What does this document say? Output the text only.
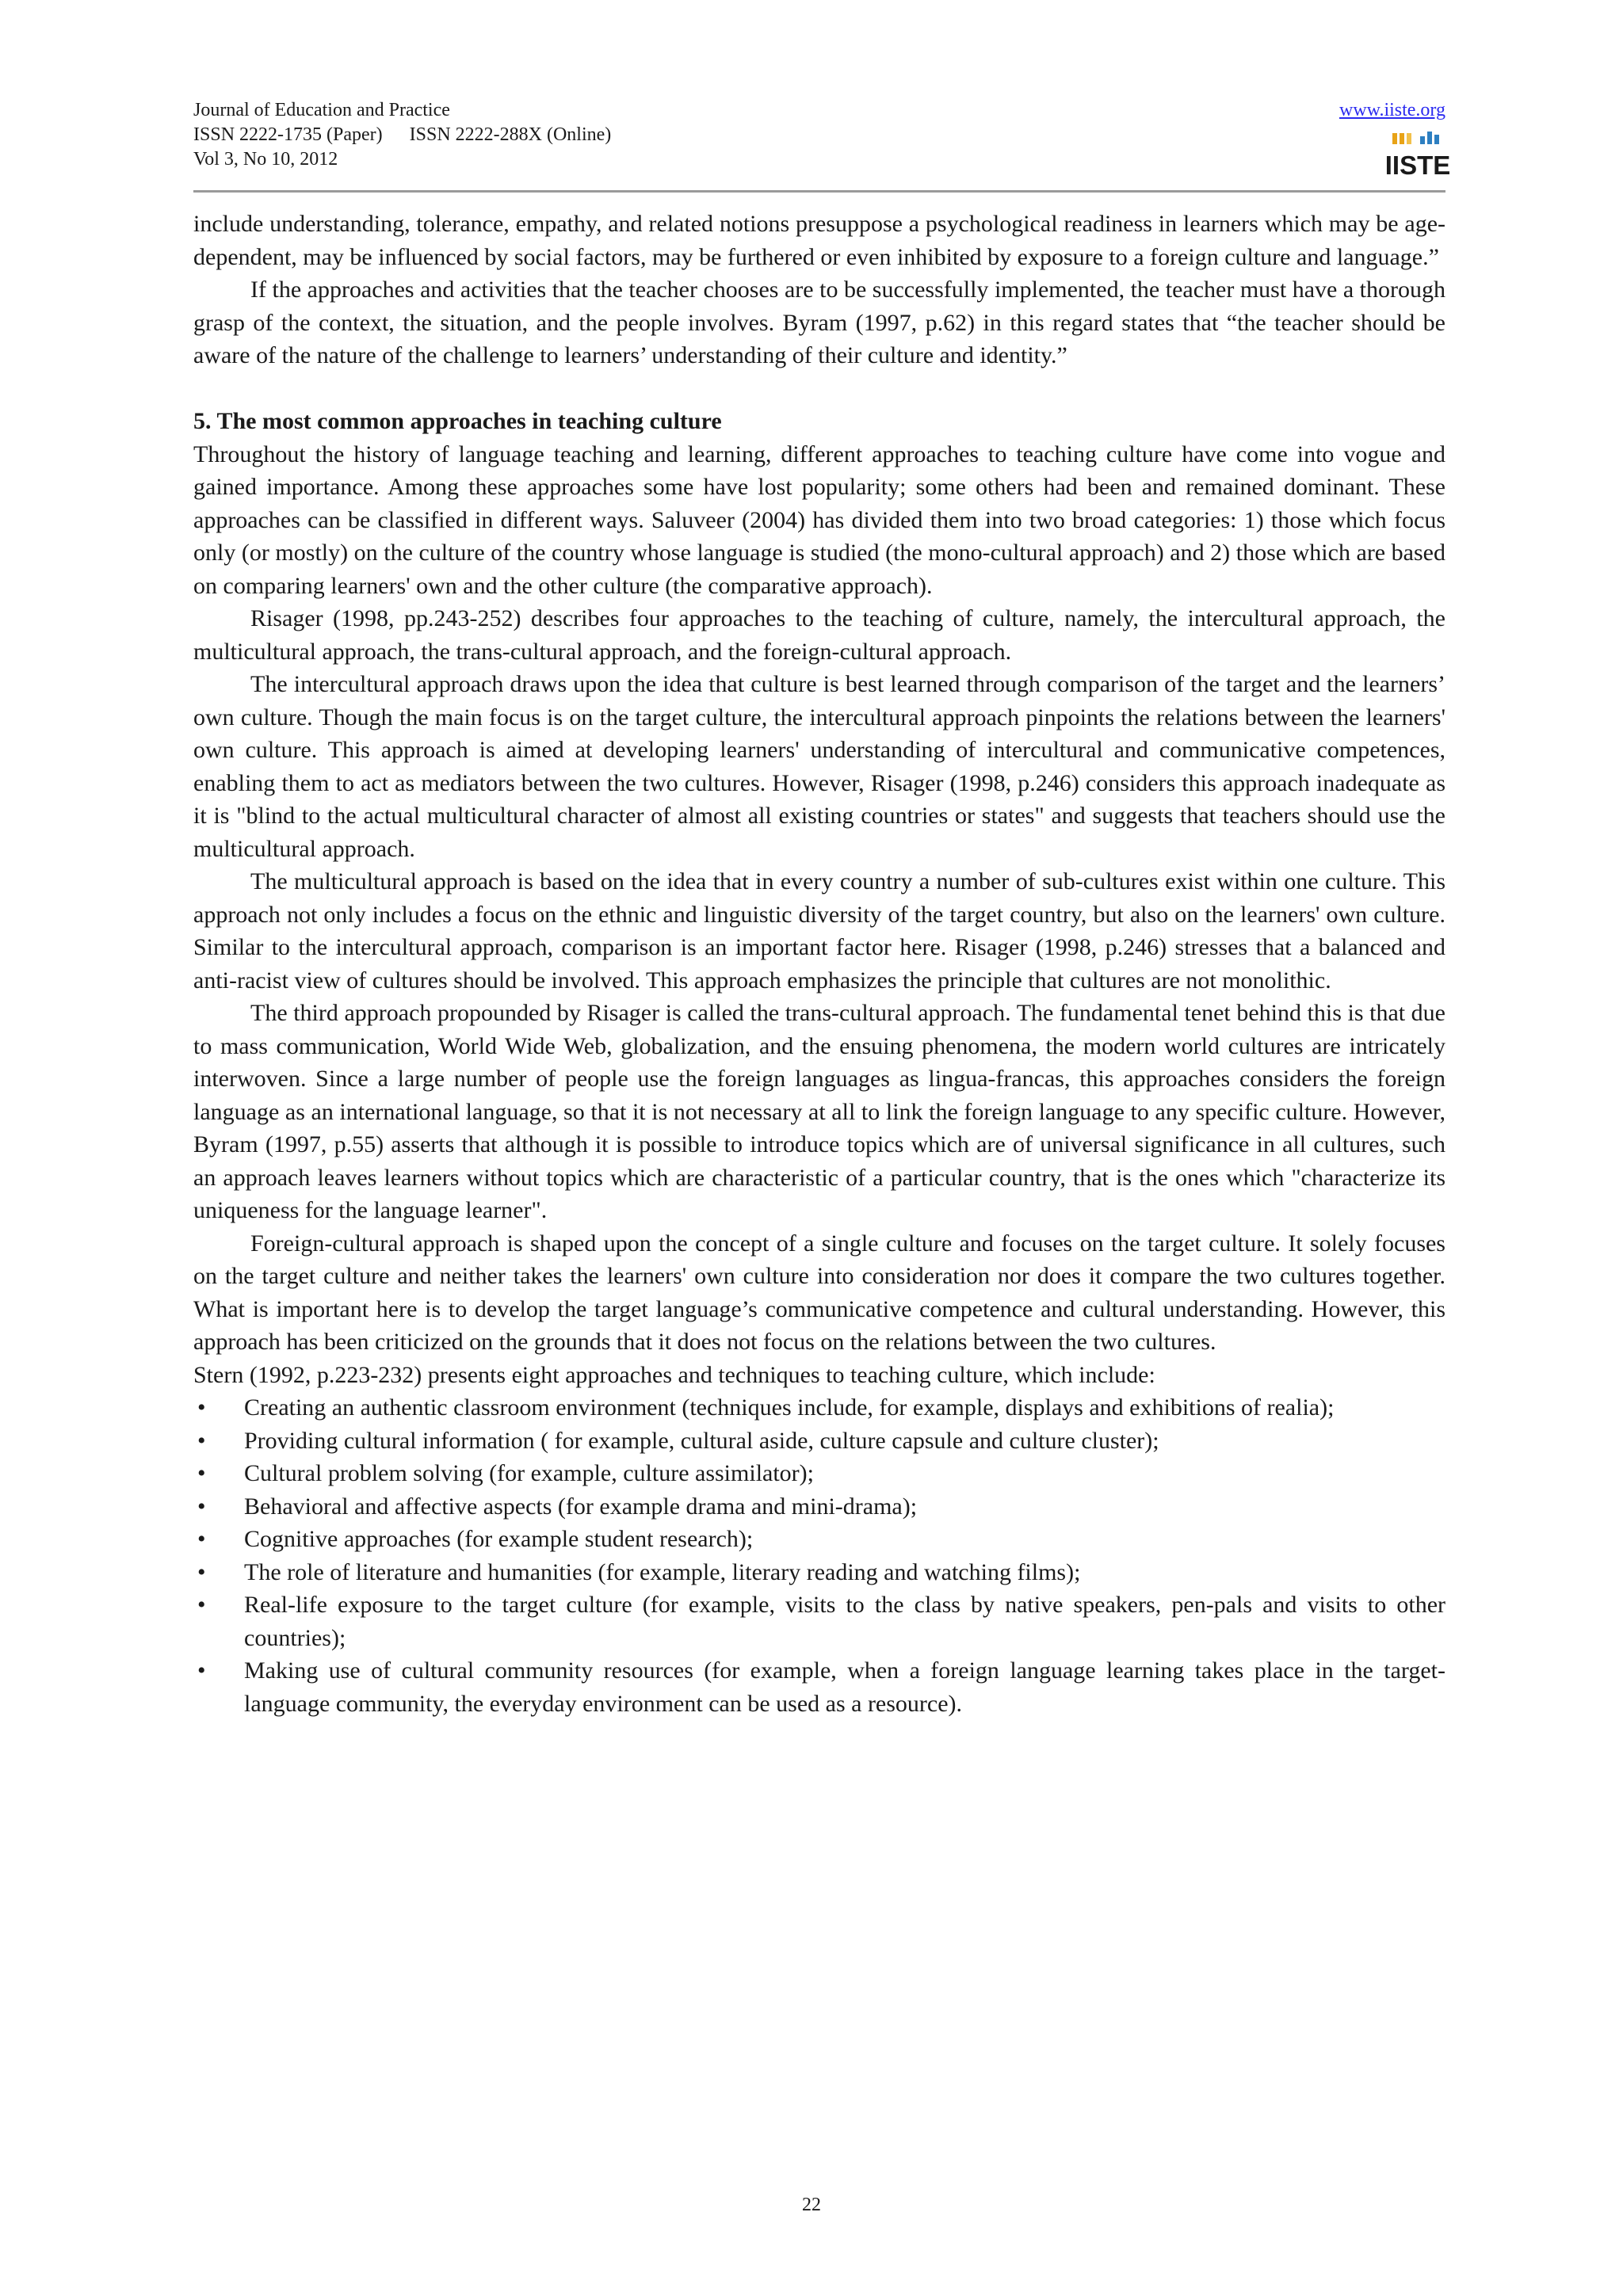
Journal of Education and Practice
ISSN 2222-1735 (Paper) ISSN 2222-288X (Online)
Vol 3, No 10, 2012
www.iiste.org
IISTE

include understanding, tolerance, empathy, and related notions presuppose a psychological readiness in learners which may be age-dependent, may be influenced by social factors, may be furthered or even inhibited by exposure to a foreign culture and language.”

If the approaches and activities that the teacher chooses are to be successfully implemented, the teacher must have a thorough grasp of the context, the situation, and the people involves. Byram (1997, p.62) in this regard states that “the teacher should be aware of the nature of the challenge to learners’ understanding of their culture and identity.”

5. The most common approaches in teaching culture

Throughout the history of language teaching and learning, different approaches to teaching culture have come into vogue and gained importance. Among these approaches some have lost popularity; some others had been and remained dominant. These approaches can be classified in different ways. Saluveer (2004) has divided them into two broad categories: 1) those which focus only (or mostly) on the culture of the country whose language is studied (the mono-cultural approach) and 2) those which are based on comparing learners' own and the other culture (the comparative approach).

Risager (1998, pp.243-252) describes four approaches to the teaching of culture, namely, the intercultural approach, the multicultural approach, the trans-cultural approach, and the foreign-cultural approach.

The intercultural approach draws upon the idea that culture is best learned through comparison of the target and the learners’ own culture. Though the main focus is on the target culture, the intercultural approach pinpoints the relations between the learners' own culture. This approach is aimed at developing learners' understanding of intercultural and communicative competences, enabling them to act as mediators between the two cultures. However, Risager (1998, p.246) considers this approach inadequate as it is "blind to the actual multicultural character of almost all existing countries or states" and suggests that teachers should use the multicultural approach.

The multicultural approach is based on the idea that in every country a number of sub-cultures exist within one culture. This approach not only includes a focus on the ethnic and linguistic diversity of the target country, but also on the learners' own culture. Similar to the intercultural approach, comparison is an important factor here. Risager (1998, p.246) stresses that a balanced and anti-racist view of cultures should be involved. This approach emphasizes the principle that cultures are not monolithic.

The third approach propounded by Risager is called the trans-cultural approach. The fundamental tenet behind this is that due to mass communication, World Wide Web, globalization, and the ensuing phenomena, the modern world cultures are intricately interwoven. Since a large number of people use the foreign languages as lingua-francas, this approaches considers the foreign language as an international language, so that it is not necessary at all to link the foreign language to any specific culture. However, Byram (1997, p.55) asserts that although it is possible to introduce topics which are of universal significance in all cultures, such an approach leaves learners without topics which are characteristic of a particular country, that is the ones which "characterize its uniqueness for the language learner".

Foreign-cultural approach is shaped upon the concept of a single culture and focuses on the target culture. It solely focuses on the target culture and neither takes the learners' own culture into consideration nor does it compare the two cultures together. What is important here is to develop the target language’s communicative competence and cultural understanding. However, this approach has been criticized on the grounds that it does not focus on the relations between the two cultures.

Stern (1992, p.223-232) presents eight approaches and techniques to teaching culture, which include:

• Creating an authentic classroom environment (techniques include, for example, displays and exhibitions of realia);
• Providing cultural information ( for example, cultural aside, culture capsule and culture cluster);
• Cultural problem solving (for example, culture assimilator);
• Behavioral and affective aspects (for example drama and mini-drama);
• Cognitive approaches (for example student research);
• The role of literature and humanities (for example, literary reading and watching films);
• Real-life exposure to the target culture (for example, visits to the class by native speakers, pen-pals and visits to other countries);
• Making use of cultural community resources (for example, when a foreign language learning takes place in the target-language community, the everyday environment can be used as a resource).
22
